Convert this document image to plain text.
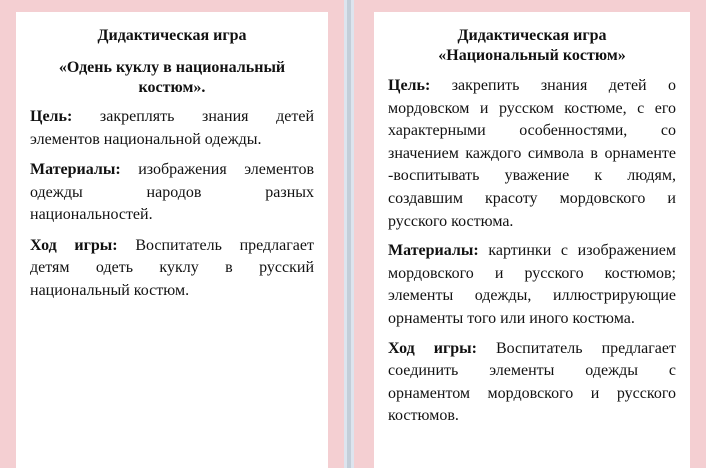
Дидактическая игра

«Одень куклу в национальный костюм».

Цель: закреплять знания детей элементов национальной одежды.

Материалы: изображения элементов одежды народов разных национальностей.

Ход игры: Воспитатель предлагает детям одеть куклу в русский национальный костюм.

Дидактическая игра

«Национальный костюм»

Цель: закрепить знания детей о мордовском и русском костюме, с его характерными особенностями, со значением каждого символа в орнаменте -воспитывать уважение к людям, создавшим красоту мордовского и русского костюма.

Материалы: картинки с изображением мордовского и русского костюмов; элементы одежды, иллюстрирующие орнаменты того или иного костюма.

Ход игры: Воспитатель предлагает соединить элементы одежды с орнаментом мордовского и русского костюмов.
